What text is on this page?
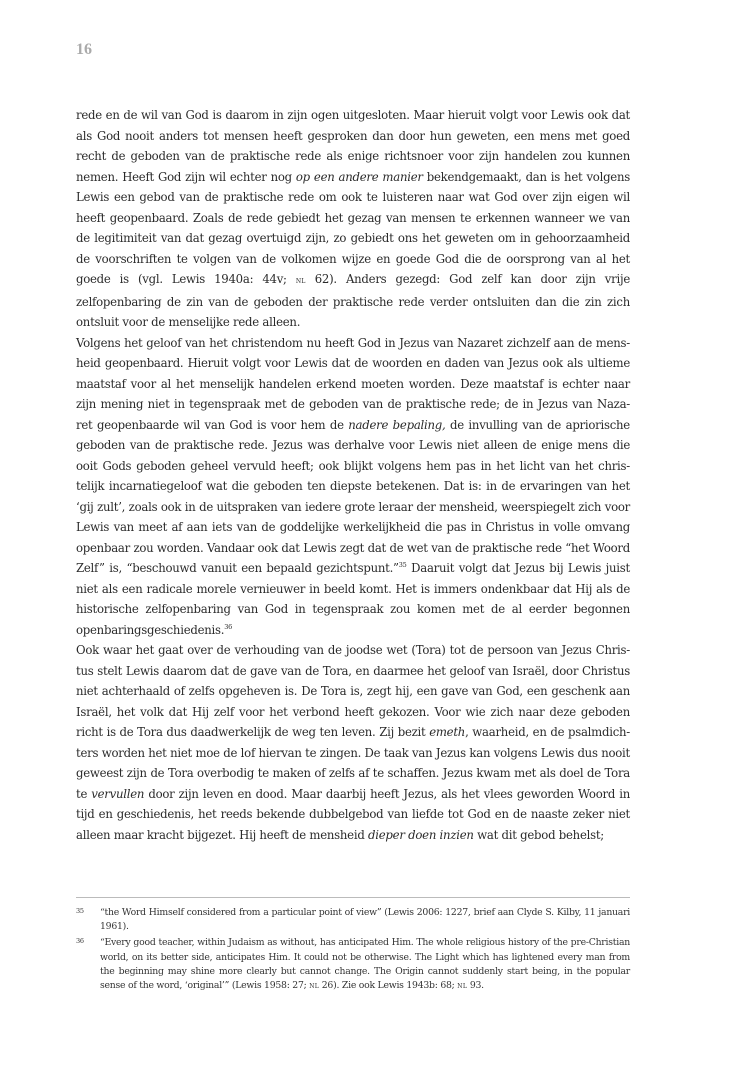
16

rede en de wil van God is daarom in zijn ogen uitgesloten. Maar hieruit volgt voor Lewis ook dat als God nooit anders tot mensen heeft gesproken dan door hun geweten, een mens met goed recht de geboden van de praktische rede als enige richtsnoer voor zijn handelen zou kunnen nemen. Heeft God zijn wil echter nog op een andere manier bekendgemaakt, dan is het volgens Lewis een gebod van de praktische rede om ook te luisteren naar wat God over zijn eigen wil heeft geopenbaard. Zoals de rede gebiedt het gezag van mensen te erkennen wanneer we van de legitimiteit van dat gezag overtuigd zijn, zo gebiedt ons het geweten om in gehoorzaamheid de voorschriften te volgen van de volkomen wijze en goede God die de oorsprong van al het goede is (vgl. Lewis 1940a: 44v; nl 62). Anders gezegd: God zelf kan door zijn vrije zelfopenbaring de zin van de geboden der praktische rede verder ontsluiten dan die zin zich ontsluit voor de menselijke rede alleen.

Volgens het geloof van het christendom nu heeft God in Jezus van Nazaret zichzelf aan de mens-heid geopenbaard. Hieruit volgt voor Lewis dat de woorden en daden van Jezus ook als ultieme maatstaf voor al het menselijk handelen erkend moeten worden. Deze maatstaf is echter naar zijn mening niet in tegenspraak met de geboden van de praktische rede; de in Jezus van Naza-ret geopenbaarde wil van God is voor hem de nadere bepaling, de invulling van de apriorische geboden van de praktische rede. Jezus was derhalve voor Lewis niet alleen de enige mens die ooit Gods geboden geheel vervuld heeft; ook blijkt volgens hem pas in het licht van het chris-telijk incarnatiegeloof wat die geboden ten diepste betekenen. Dat is: in de ervaringen van het ‘gij zult’, zoals ook in de uitspraken van iedere grote leraar der mensheid, weerspiegelt zich voor Lewis van meet af aan iets van de goddelijke werkelijkheid die pas in Christus in volle omvang openbaar zou worden. Vandaar ook dat Lewis zegt dat de wet van de praktische rede “het Woord Zelf” is, “beschouwd vanuit een bepaald gezichtspunt.”$^{35}$ Daaruit volgt dat Jezus bij Lewis juist niet als een radicale morele vernieuwer in beeld komt. Het is immers ondenkbaar dat Hij als de historische zelfopenbaring van God in tegenspraak zou komen met de al eerder begonnen openbaringsgeschiedenis.$^{36}$

Ook waar het gaat over de verhouding van de joodse wet (Tora) tot de persoon van Jezus Chris-tus stelt Lewis daarom dat de gave van de Tora, en daarmee het geloof van Israël, door Christus niet achterhaald of zelfs opgeheven is. De Tora is, zegt hij, een gave van God, een geschenk aan Israël, het volk dat Hij zelf voor het verbond heeft gekozen. Voor wie zich naar deze geboden richt is de Tora dus daadwerkelijk de weg ten leven. Zij bezit emeth, waarheid, en de psalmdich-ters worden het niet moe de lof hiervan te zingen. De taak van Jezus kan volgens Lewis dus nooit geweest zijn de Tora overbodig te maken of zelfs af te schaffen. Jezus kwam met als doel de Tora te vervullen door zijn leven en dood. Maar daarbij heeft Jezus, als het vlees geworden Woord in tijd en geschiedenis, het reeds bekende dubbelgebod van liefde tot God en de naaste zeker niet alleen maar kracht bijgezet. Hij heeft de mensheid dieper doen inzien wat dit gebod behelst;

35 “the Word Himself considered from a particular point of view” (Lewis 2006: 1227, brief aan Clyde S. Kilby, 11 januari 1961).
36 “Every good teacher, within Judaism as without, has anticipated Him. The whole religious history of the pre-Christian world, on its better side, anticipates Him. It could not be otherwise. The Light which has lightened every man from the beginning may shine more clearly but cannot change. The Origin cannot suddenly start being, in the popular sense of the word, ‘original’” (Lewis 1958: 27; nl 26). Zie ook Lewis 1943b: 68; nl 93.
